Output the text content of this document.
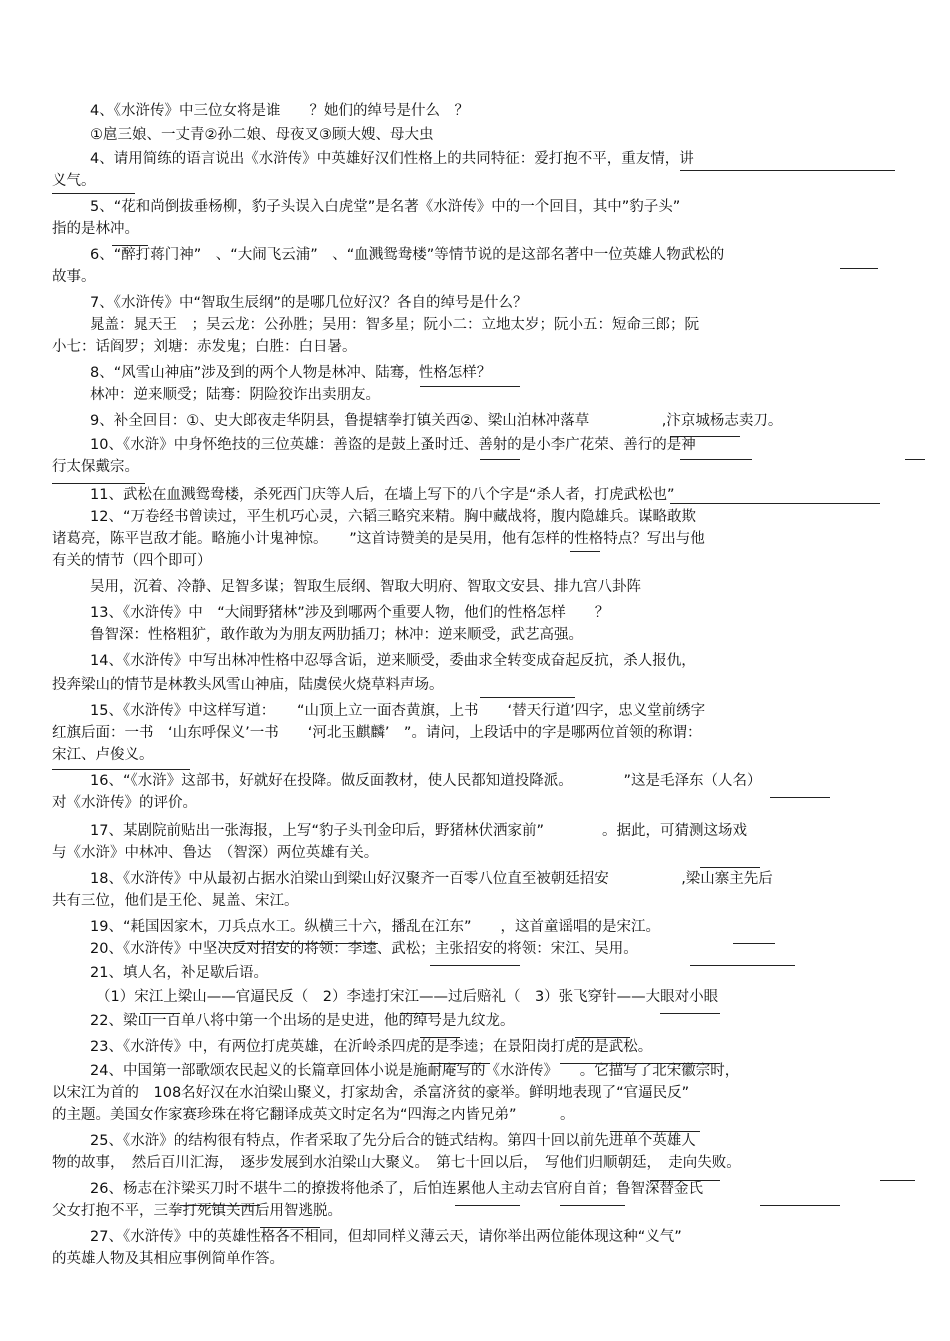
4、《水浒传》中三位女将是谁　　？她们的绰号是什么　？
①扈三娘、一丈青②孙二娘、母夜叉③顾大嫂、母大虫
4、请用简练的语言说出《水浒传》中英雄好汉们性格上的共同特征：爱打抱不平，重友情，讲
义气。
5、“花和尚倒拔垂杨柳，豹子头误入白虎堂”是名著《水浒传》中的一个回目，其中”豹子头”
指的是林冲。
6、“醉打蒋门神”　、“大闹飞云浦”　、“血溅鸳鸯楼”等情节说的是这部名著中一位英雄人物武松的
故事。
7、《水浒传》中“智取生辰纲”的是哪几位好汉？各自的绰号是什么？
晁盖：晁天王　；吴云龙：公孙胜；吴用：智多星；阮小二：立地太岁；阮小五：短命三郎；阮
小七：话阎罗；刘塘：赤发鬼；白胜：白日暑。
8、“风雪山神庙”涉及到的两个人物是林冲、陆骞，性格怎样？
林冲：逆来顺受；陆骞：阴险狡诈出卖朋友。
9、补全回目：①、史大郎夜走华阴县，鲁提辖拳打镇关西②、梁山泊林冲落草　　　　　,汴京城杨志卖刀。
10、《水浒》中身怀绝技的三位英雄：善盗的是鼓上蚤时迁、善射的是小李广花荣、善行的是神　　　　
行太保戴宗。
11、武松在血溅鸳鸯楼，杀死西门庆等人后，在墙上写下的八个字是“杀人者，打虎武松也”
12、“万卷经书曾读过，平生机巧心灵，六韬三略究来精。胸中藏战将，腹内隐雄兵。谋略敢欺
诸葛亮，陈平岂敌才能。略施小计鬼神惊。　　”这首诗赞美的是吴用，他有怎样的性格特点？写出与他
有关的情节（四个即可）
吴用，沉着、冷静、足智多谋；智取生辰纲、智取大明府、智取文安县、排九宫八卦阵
13、《水浒传》中　“大闹野猪林”涉及到哪两个重要人物，他们的性格怎样　　？
鲁智深：性格粗犷，敢作敢为为朋友两肋插刀；林冲：逆来顺受，武艺高强。
14、《水浒传》中写出林冲性格中忍辱含诟，逆来顺受，委曲求全转变成奋起反抗，杀人报仇，
投奔梁山的情节是林教头风雪山神庙，陆虞侯火烧草料声场。
15、《水浒传》中这样写道：　　“山顶上立一面杏黄旗，上书　　‘替天行道’四字，忠义堂前绣字
红旗后面：一书　‘山东呼保义’一书　　‘河北玉麒麟’　”。请问，上段话中的字是哪两位首领的称谓：
宋江、卢俊义。
16、“《水浒》这部书，好就好在投降。做反面教材，使人民都知道投降派。　　　　”这是毛泽东（人名）
对《水浒传》的评价。
17、某剧院前贴出一张海报，上写“豹子头刊金印后，野猪林伏洒家前”　　　　。据此，可猜测这场戏
与《水浒》中林冲、鲁达　（智深）两位英雄有关。
18、《水浒传》中从最初占据水泊梁山到梁山好汉聚齐一百零八位直至被朝廷招安　　　　　,梁山寨主先后
共有三位，他们是王伦、晁盖、宋江。
19、“耗国因家木，刀兵点水工。纵横三十六，播乱在江东”　　，这首童谣唱的是宋江。
20、《水浒传》中坚决反对招安的将领：李逵、武松；主张招安的将领：宋江、吴用。
21、填人名，补足歇后语。
（1）宋江上梁山——官逼民反（　2）李逵打宋江——过后赔礼（　3）张飞穿针——大眼对小眼
22、梁山一百单八将中第一个出场的是史进，他的绰号是九纹龙。
23、《水浒传》中，有两位打虎英雄，在沂岭杀四虎的是李逵；在景阳岗打虎的是武松。
24、中国第一部歌颂农民起义的长篇章回体小说是施耐庵写的《水浒传》　　。它描写了北宋徽宗时，
以宋江为首的　108名好汉在水泊梁山聚义，打家劫舍，杀富济贫的豪举。鲜明地表现了“官逼民反”
的主题。美国女作家赛珍珠在将它翻译成英文时定名为“四海之内皆兄弟”　　　。
25、《水浒》的结构很有特点，作者采取了先分后合的链式结构。第四十回以前先进单个英雄人
物的故事，　然后百川汇海，　逐步发展到水泊梁山大聚义。　第七十回以后，　写他们归顺朝廷，　走向失败。
26、杨志在汴梁买刀时不堪牛二的撩拨将他杀了，后怕连累他人主动去官府自首；鲁智深替金氏
父女打抱不平，三拳打死镇关西后用智逃脱。
27、《水浒传》中的英雄性格各不相同，但却同样义薄云天，请你举出两位能体现这种“义气”
的英雄人物及其相应事例简单作答。
